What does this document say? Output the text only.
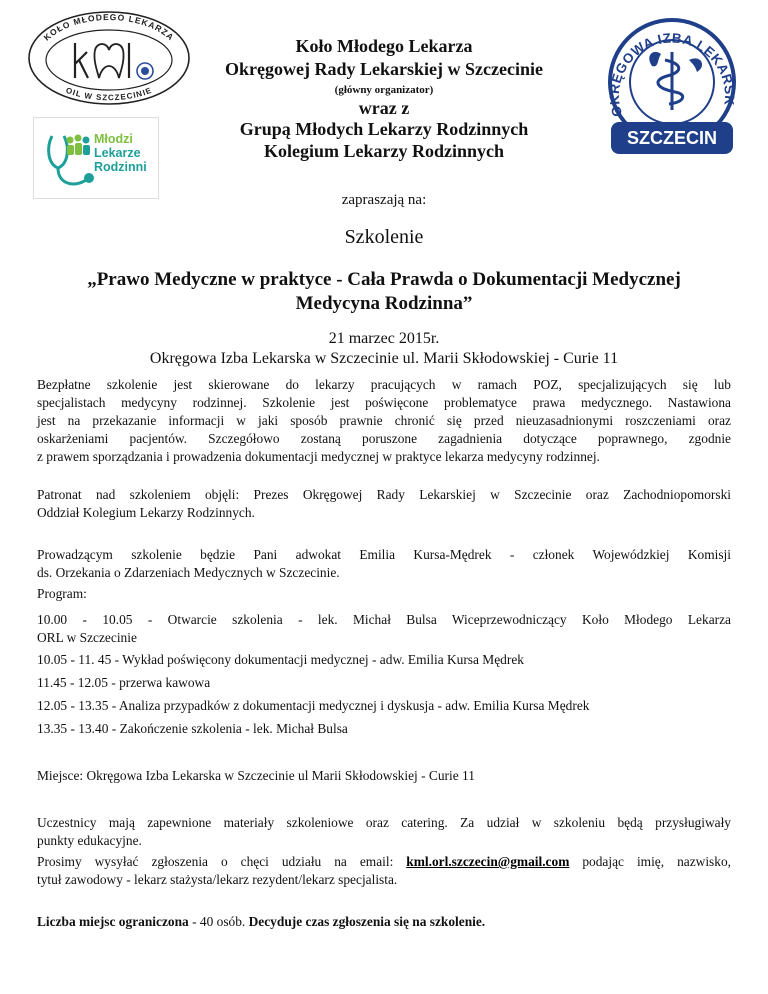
KOŁO MŁODEGO LEKARZA
OIL W SZCZECINIE
Młodzi
Lekarze
Rodzinni
OKRĘGOWA IZBA LEKARSK
SZCZECIN
Koło Młodego Lekarza
Okręgowej Rady Lekarskiej w Szczecinie
(główny organizator)
wraz z
Grupą Młodych Lekarzy Rodzinnych
Kolegium Lekarzy Rodzinnych
zapraszają na:
Szkolenie
„Prawo Medyczne w praktyce - Cała Prawda o Dokumentacji Medycznej
Medycyna Rodzinna”
21 marzec 2015r.
Okręgowa Izba Lekarska w Szczecinie ul. Marii Skłodowskiej - Curie 11
Bezpłatne szkolenie jest skierowane do lekarzy pracujących w ramach POZ, specjalizujących się lub
specjalistach medycyny rodzinnej. Szkolenie jest poświęcone problematyce prawa medycznego. Nastawiona
jest na przekazanie informacji w jaki sposób prawnie chronić się przed nieuzasadnionymi roszczeniami oraz
oskarżeniami pacjentów. Szczegółowo zostaną poruszone zagadnienia dotyczące poprawnego, zgodnie
z prawem sporządzania i prowadzenia dokumentacji medycznej w praktyce lekarza medycyny rodzinnej.
Patronat nad szkoleniem objęli: Prezes Okręgowej Rady Lekarskiej w Szczecinie oraz Zachodniopomorski
Oddział Kolegium Lekarzy Rodzinnych.
Prowadzącym szkolenie będzie Pani adwokat Emilia Kursa-Mędrek - członek Wojewódzkiej Komisji
ds. Orzekania o Zdarzeniach Medycznych w Szczecinie.
Program:
10.00 - 10.05 - Otwarcie szkolenia - lek. Michał Bulsa Wiceprzewodniczący Koło Młodego Lekarza
ORL w Szczecinie
10.05 - 11. 45 - Wykład poświęcony dokumentacji medycznej - adw. Emilia Kursa Mędrek
11.45 - 12.05 - przerwa kawowa
12.05 - 13.35 - Analiza przypadków z dokumentacji medycznej i dyskusja - adw. Emilia Kursa Mędrek
13.35 - 13.40 - Zakończenie szkolenia - lek. Michał Bulsa
Miejsce: Okręgowa Izba Lekarska w Szczecinie ul Marii Skłodowskiej - Curie 11
Uczestnicy mają zapewnione materiały szkoleniowe oraz catering. Za udział w szkoleniu będą przysługiwały
punkty edukacyjne.
Prosimy wysyłać zgłoszenia o chęci udziału na email: kml.orl.szczecin@gmail.com podając imię, nazwisko,
tytuł zawodowy - lekarz stażysta/lekarz rezydent/lekarz specjalista.
Liczba miejsc ograniczona - 40 osób. Decyduje czas zgłoszenia się na szkolenie.
